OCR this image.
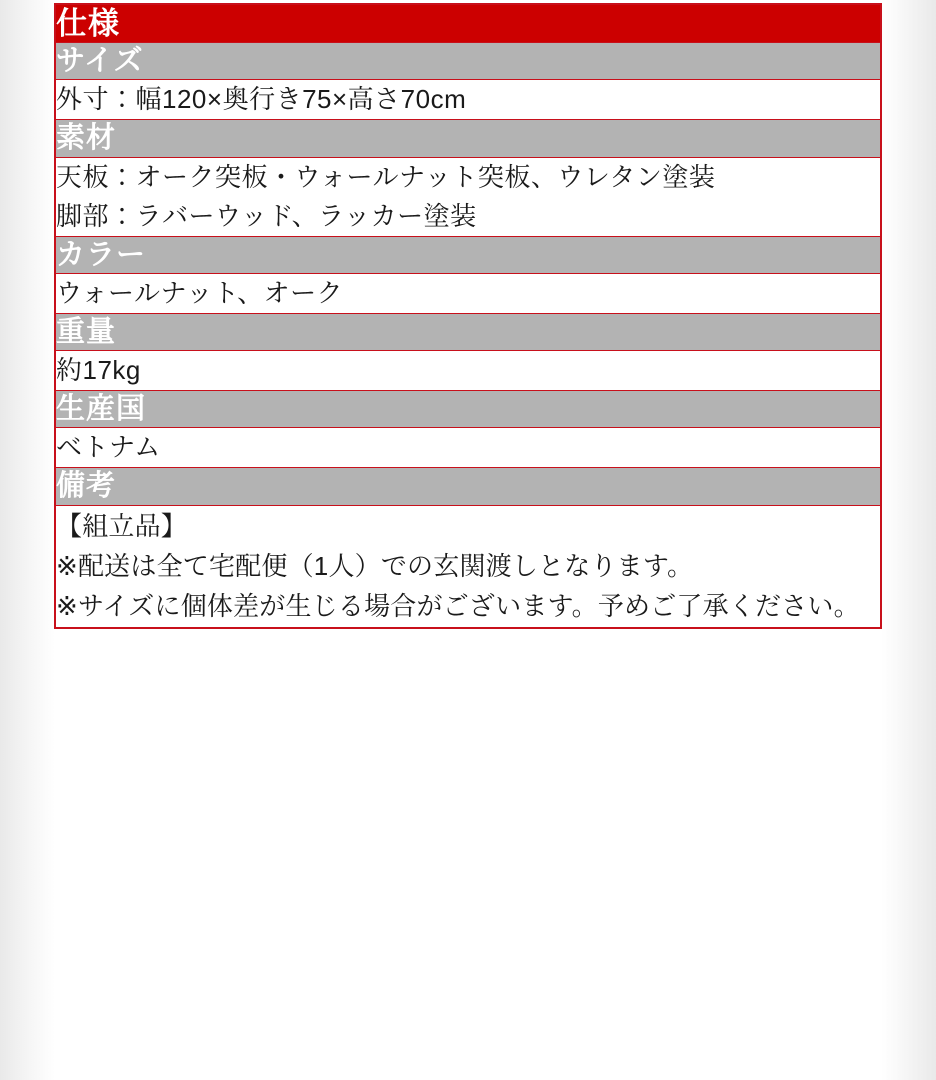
仕様
サイズ

外寸：幅120×奥行き75×高さ70cm

素材

天板：オーク突板・ウォールナット突板、ウレタン塗装
脚部：ラバーウッド、ラッカー塗装

カラー

ウォールナット、オーク

重量

約17kg

生産国

ベトナム

備考

【組立品】
※配送は全て宅配便（1人）での玄関渡しとなります。
※サイズに個体差が生じる場合がございます。予めご了承ください。
